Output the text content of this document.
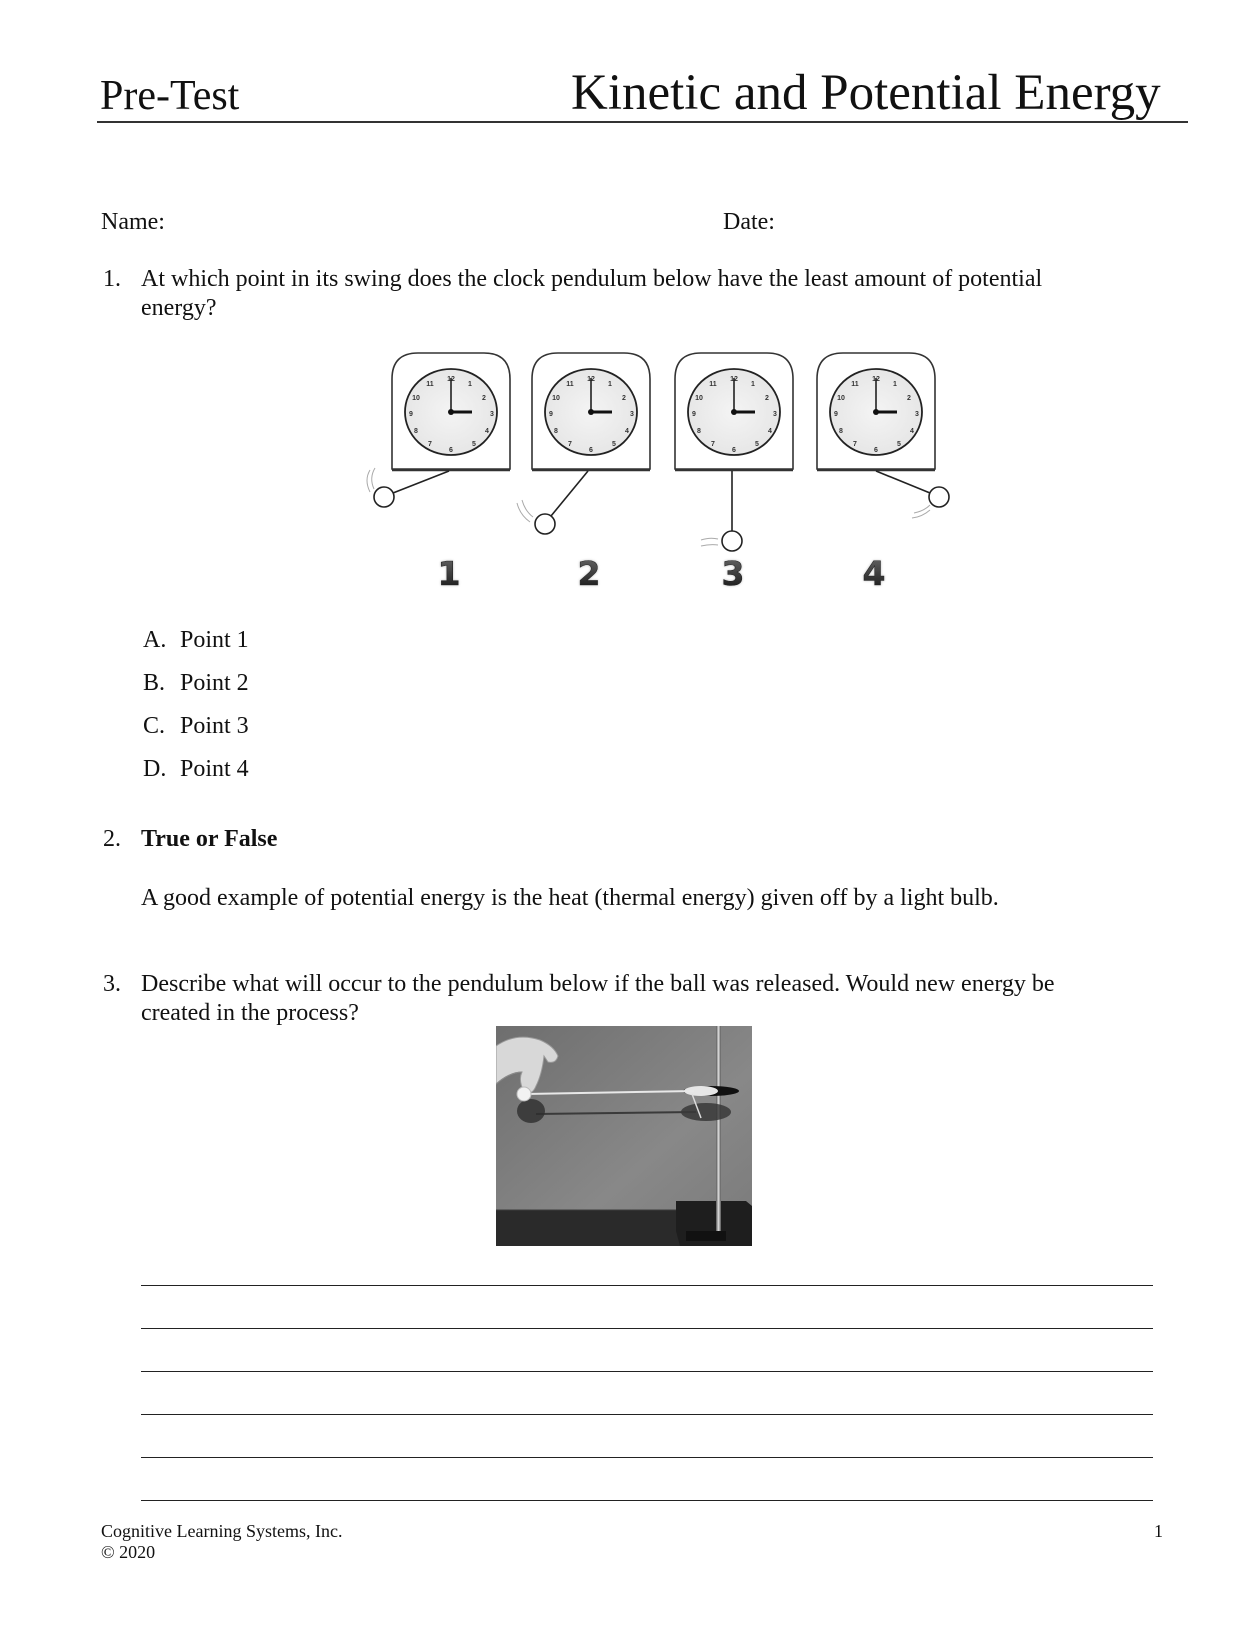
Pre-Test	Kinetic and Potential Energy
Name:	Date:
1. At which point in its swing does the clock pendulum below have the least amount of potential
energy?
12
1
2
3
4
5
6
7
8
9
10
11
1	2	3	4
A. Point 1
B. Point 2
C. Point 3
D. Point 4
2. True or False
A good example of potential energy is the heat (thermal energy) given off by a light bulb.
3. Describe what will occur to the pendulum below if the ball was released. Would new energy be
created in the process?
Cognitive Learning Systems, Inc.
© 2020
1
